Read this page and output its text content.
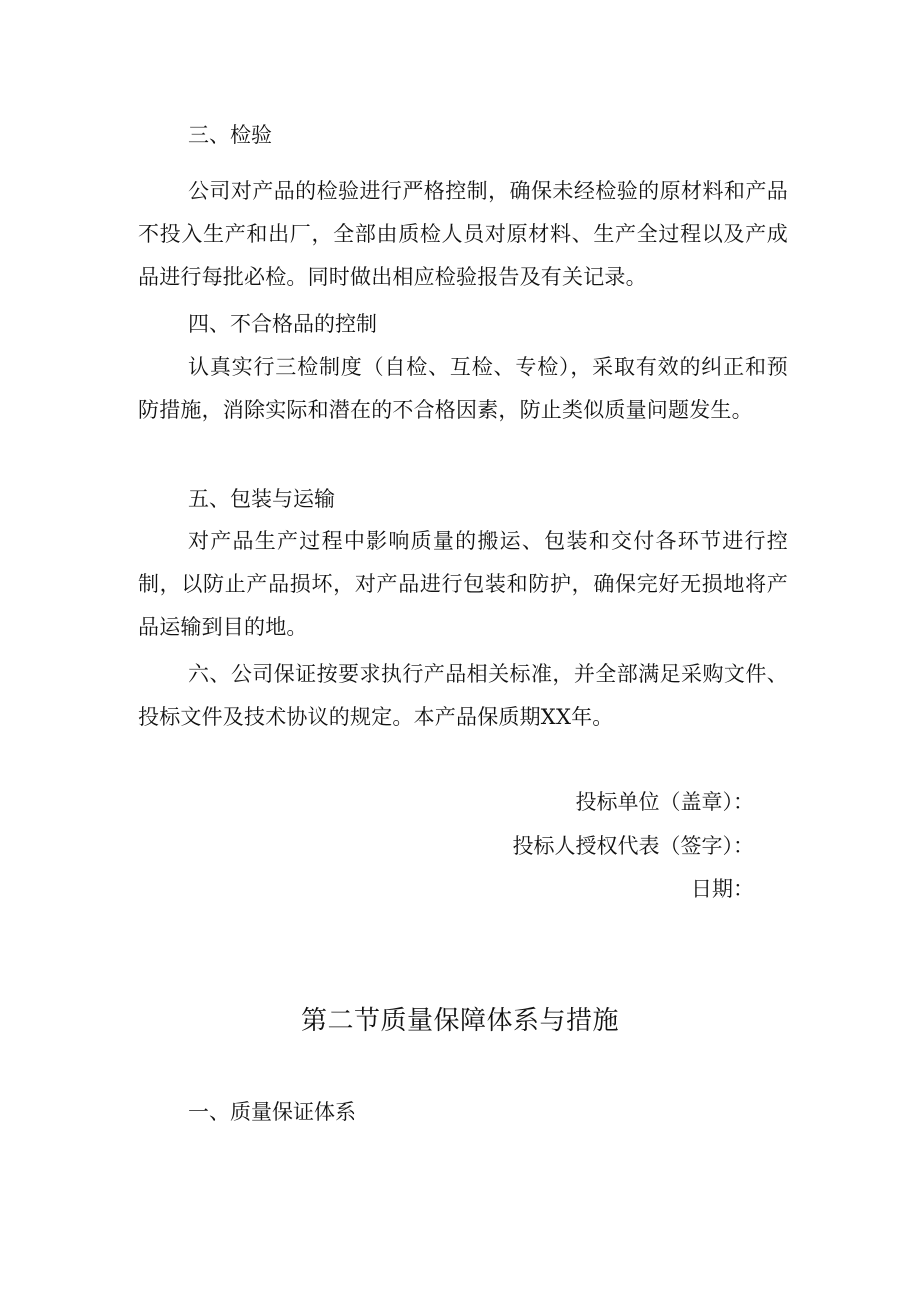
三、检验

公司对产品的检验进行严格控制，确保未经检验的原材料和产品不投入生产和出厂，全部由质检人员对原材料、生产全过程以及产成品进行每批必检。同时做出相应检验报告及有关记录。

四、不合格品的控制

认真实行三检制度（自检、互检、专检），采取有效的纠正和预防措施，消除实际和潜在的不合格因素，防止类似质量问题发生。

五、包装与运输

对产品生产过程中影响质量的搬运、包装和交付各环节进行控制，以防止产品损坏，对产品进行包装和防护，确保完好无损地将产品运输到目的地。

六、公司保证按要求执行产品相关标准，并全部满足采购文件、投标文件及技术协议的规定。本产品保质期XX年。

投标单位（盖章）：

投标人授权代表（签字）：

日期：

第二节质量保障体系与措施
一、质量保证体系
